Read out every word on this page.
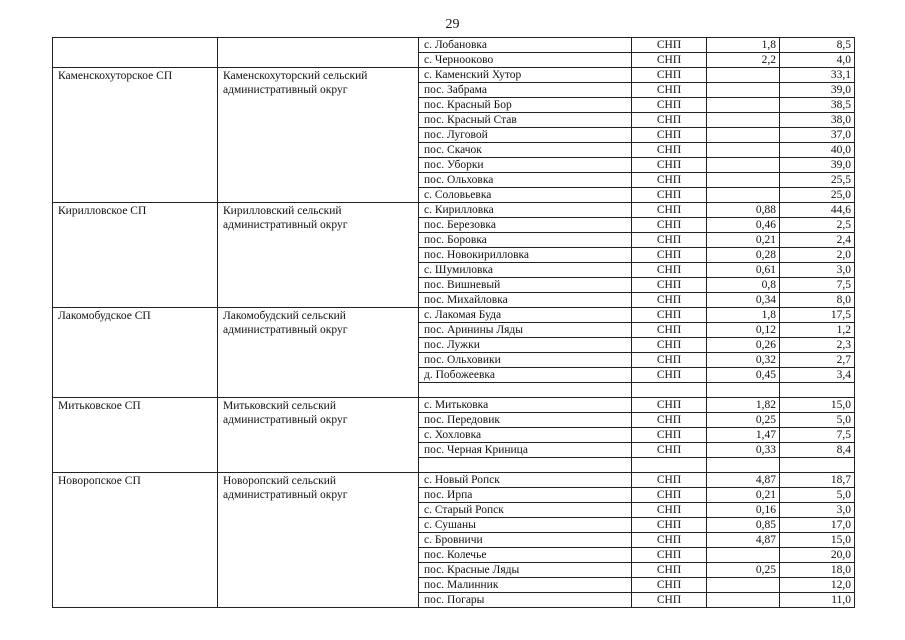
29
		с. Лобановка	СНП	1,8	8,5
		с. Черноокoво	СНП	2,2	4,0
Каменскохуторское СП	Каменскохуторский сельский административный округ	с. Каменский Хутор	СНП		33,1
		пос. Забрама	СНП		39,0
		пос. Красный Бор	СНП		38,5
		пос. Красный Став	СНП		38,0
		пос. Луговой	СНП		37,0
		пос. Скачок	СНП		40,0
		пос. Уборки	СНП		39,0
		пос. Ольховка	СНП		25,5
		с. Соловьевка	СНП		25,0
Кирилловское СП	Кирилловский сельский административный округ	с. Кирилловка	СНП	0,88	44,6
		пос. Березовка	СНП	0,46	2,5
		пос. Боровка	СНП	0,21	2,4
		пос. Новокирилловка	СНП	0,28	2,0
		с. Шумиловка	СНП	0,61	3,0
		пос. Вишневый	СНП	0,8	7,5
		пос. Михайловка	СНП	0,34	8,0
Лакомобудское СП	Лакомобудский сельский административный округ	с. Лакомая Буда	СНП	1,8	17,5
		пос. Аринины Ляды	СНП	0,12	1,2
		пос. Лужки	СНП	0,26	2,3
		пос. Ольховики	СНП	0,32	2,7
		д. Побожеевка	СНП	0,45	3,4

Митьковское СП	Митьковский сельский административный округ	с. Митьковка	СНП	1,82	15,0
		пос. Передовик	СНП	0,25	5,0
		с. Хохловка	СНП	1,47	7,5
		пос. Черная Криница	СНП	0,33	8,4

Новоропское СП	Новоропский сельский административный округ	с. Новый Ропск	СНП	4,87	18,7
		пос. Ирпа	СНП	0,21	5,0
		с. Старый Ропск	СНП	0,16	3,0
		с. Сушаны	СНП	0,85	17,0
		с. Бровничи	СНП	4,87	15,0
		пос. Колечье	СНП		20,0
		пос. Красные Ляды	СНП	0,25	18,0
		пос. Малинник	СНП		12,0
		пос. Погары	СНП		11,0
